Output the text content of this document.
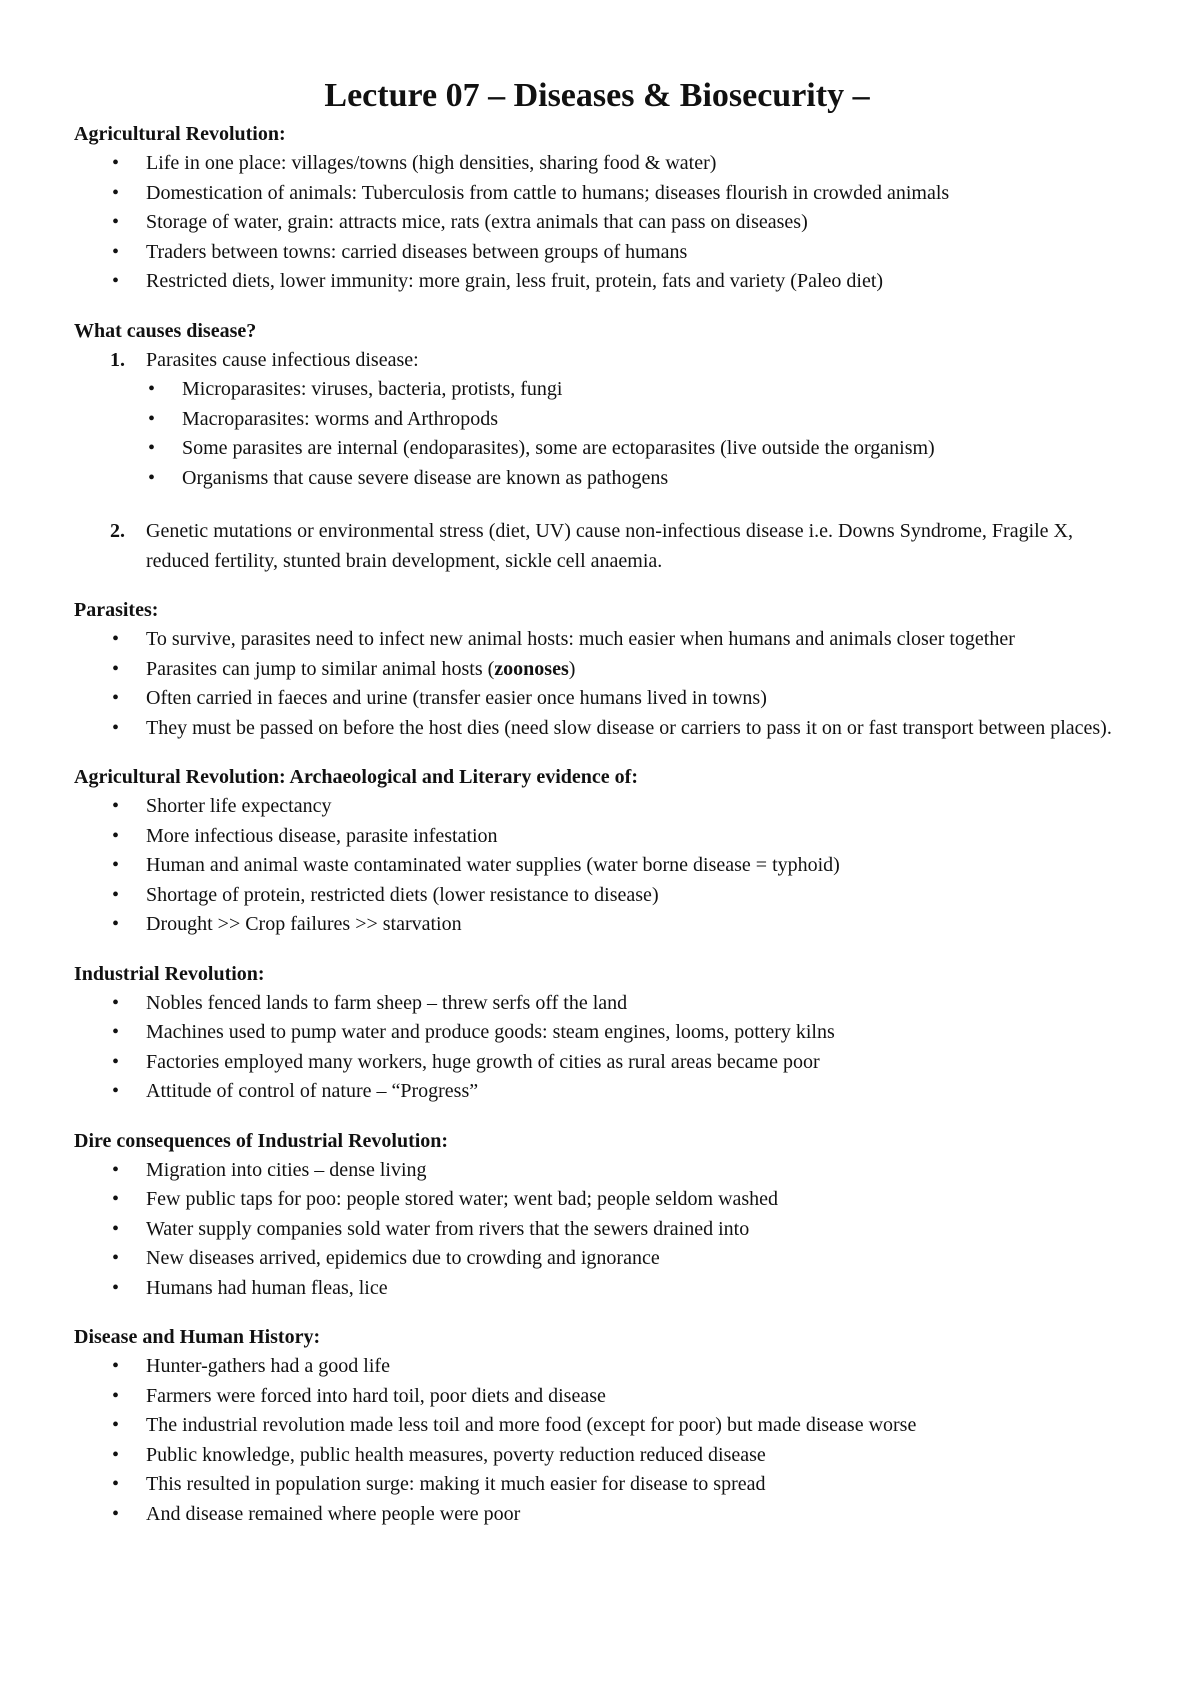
Lecture 07 – Diseases & Biosecurity –

Agricultural Revolution:

• Life in one place: villages/towns (high densities, sharing food & water)
• Domestication of animals: Tuberculosis from cattle to humans; diseases flourish in crowded animals
• Storage of water, grain: attracts mice, rats (extra animals that can pass on diseases)
• Traders between towns: carried diseases between groups of humans
• Restricted diets, lower immunity: more grain, less fruit, protein, fats and variety (Paleo diet)

What causes disease?

1. Parasites cause infectious disease:
• Microparasites: viruses, bacteria, protists, fungi
• Macroparasites: worms and Arthropods
• Some parasites are internal (endoparasites), some are ectoparasites (live outside the organism)
• Organisms that cause severe disease are known as pathogens
2. Genetic mutations or environmental stress (diet, UV) cause non-infectious disease i.e. Downs Syndrome, Fragile X, reduced fertility, stunted brain development, sickle cell anaemia.

Parasites:

• To survive, parasites need to infect new animal hosts: much easier when humans and animals closer together
• Parasites can jump to similar animal hosts (zoonoses)
• Often carried in faeces and urine (transfer easier once humans lived in towns)
• They must be passed on before the host dies (need slow disease or carriers to pass it on or fast transport between places).

Agricultural Revolution: Archaeological and Literary evidence of:

• Shorter life expectancy
• More infectious disease, parasite infestation
• Human and animal waste contaminated water supplies (water borne disease = typhoid)
• Shortage of protein, restricted diets (lower resistance to disease)
• Drought >> Crop failures >> starvation

Industrial Revolution:

• Nobles fenced lands to farm sheep – threw serfs off the land
• Machines used to pump water and produce goods: steam engines, looms, pottery kilns
• Factories employed many workers, huge growth of cities as rural areas became poor
• Attitude of control of nature – “Progress”

Dire consequences of Industrial Revolution:

• Migration into cities – dense living
• Few public taps for poo: people stored water; went bad; people seldom washed
• Water supply companies sold water from rivers that the sewers drained into
• New diseases arrived, epidemics due to crowding and ignorance
• Humans had human fleas, lice

Disease and Human History:

• Hunter-gathers had a good life
• Farmers were forced into hard toil, poor diets and disease
• The industrial revolution made less toil and more food (except for poor) but made disease worse
• Public knowledge, public health measures, poverty reduction reduced disease
• This resulted in population surge: making it much easier for disease to spread
• And disease remained where people were poor
